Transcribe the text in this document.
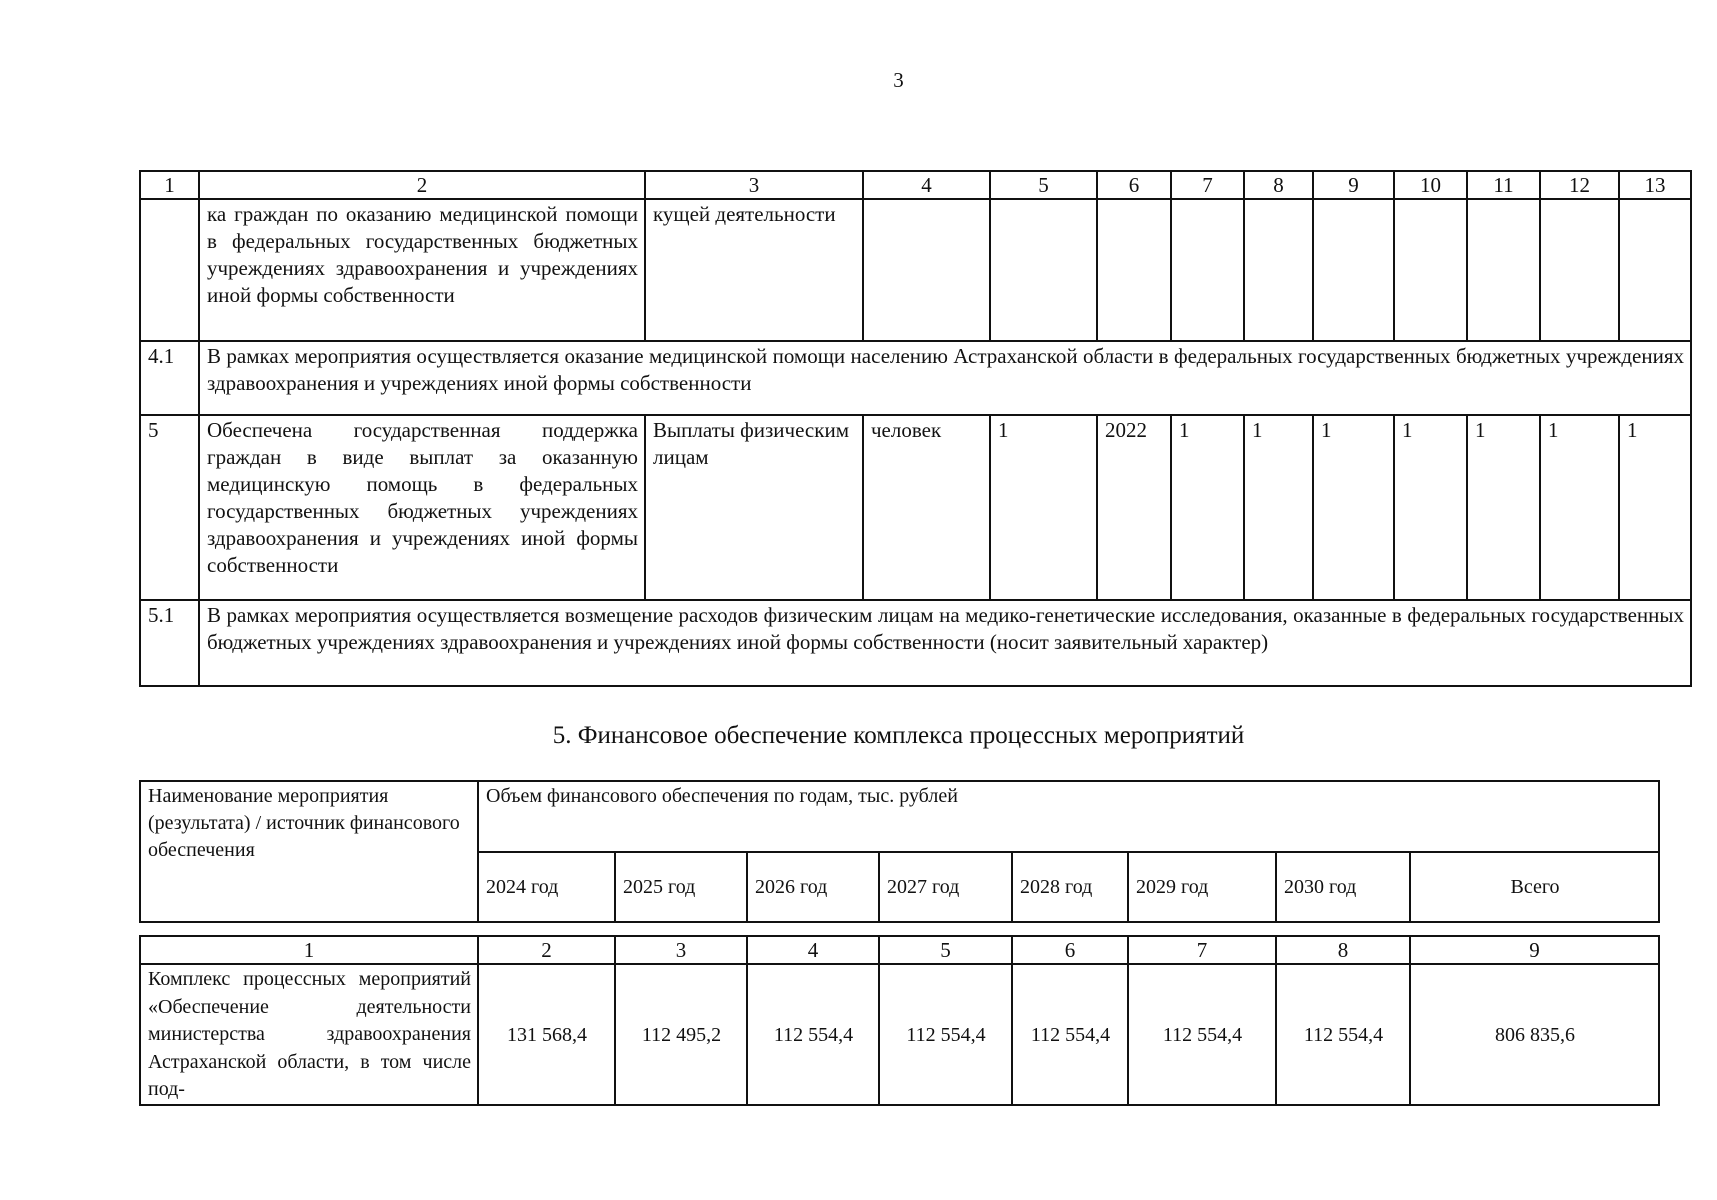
3
1	2	3	4	5	6	7	8	9	10	11	12	13
	ка граждан по оказанию медицинской помощи в федеральных государственных бюджетных учреждениях здравоохранения и учреждениях иной формы собственности	кущей деятельности										
4.1	В рамках мероприятия осуществляется оказание медицинской помощи населению Астраханской области в федеральных государственных бюджетных учреждениях здравоохранения и учреждениях иной формы собственности											
5	Обеспечена государственная поддержка граждан в виде выплат за оказанную медицинскую помощь в федеральных государственных бюджетных учреждениях здравоохранения и учреждениях иной формы собственности	Выплаты физическим лицам	человек	1	2022	1	1	1	1	1	1	1
5.1	В рамках мероприятия осуществляется возмещение расходов физическим лицам на медико-генетические исследования, оказанные в федеральных государственных бюджетных учреждениях здравоохранения и учреждениях иной формы собственности (носит заявительный характер)											
5. Финансовое обеспечение комплекса процессных мероприятий
Наименование мероприятия (результата) / источник финансового обеспечения	Объем финансового обеспечения по годам, тыс. рублей							
	2024 год	2025 год	2026 год	2027 год	2028 год	2029 год	2030 год	Всего
1	2	3	4	5	6	7	8	9
Комплекс процессных мероприятий «Обеспечение деятельности министерства здравоохранения Астраханской области, в том числе под-	131 568,4	112 495,2	112 554,4	112 554,4	112 554,4	112 554,4	112 554,4	806 835,6
